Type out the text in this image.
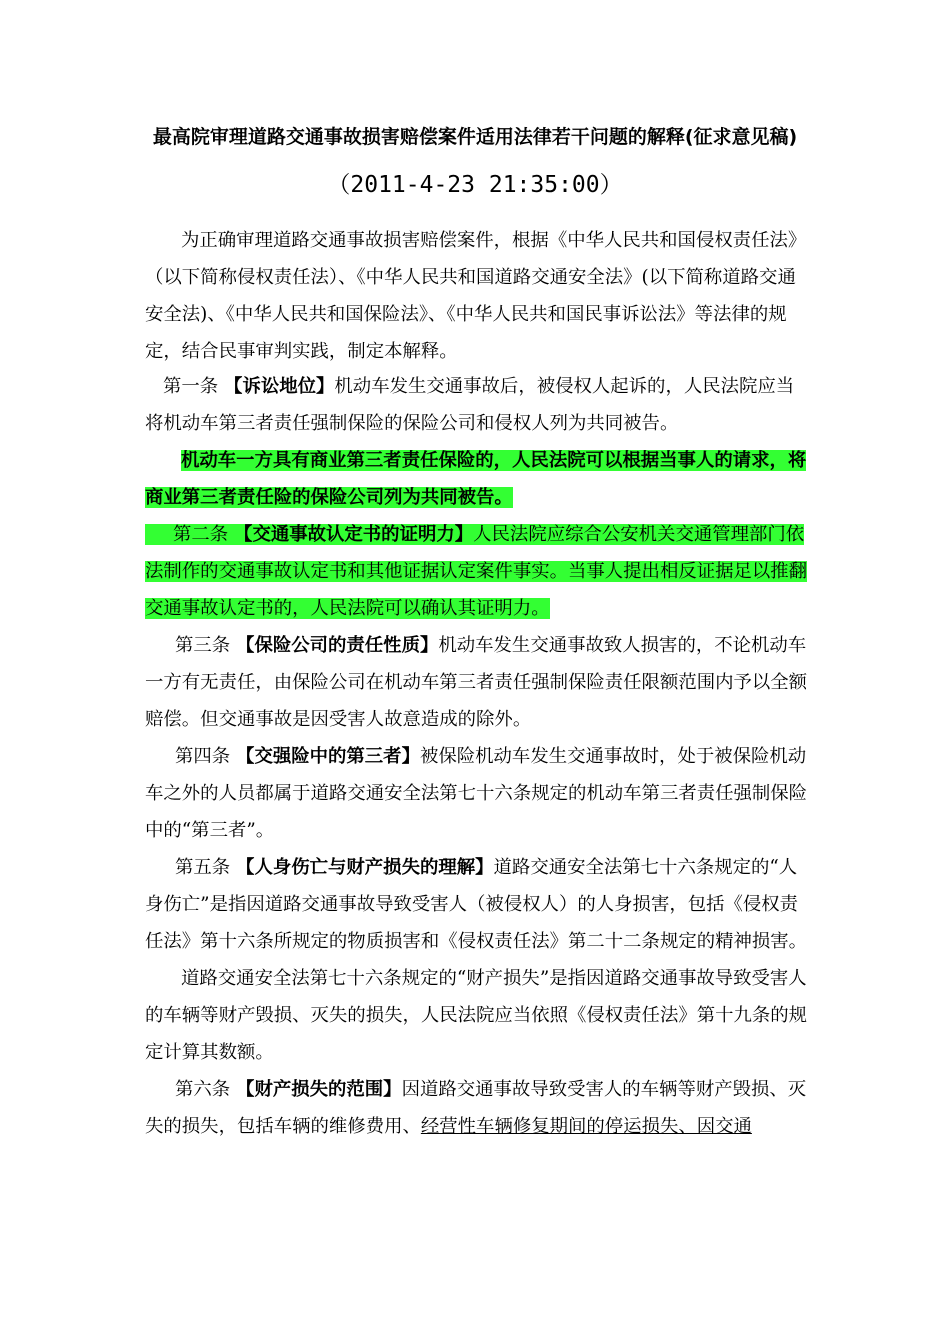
最高院审理道路交通事故损害赔偿案件适用法律若干问题的解释(征求意见稿)
（2011-4-23 21:35:00）

为正确审理道路交通事故损害赔偿案件，根据《中华人民共和国侵权责任法》（以下简称侵权责任法）、《中华人民共和国道路交通安全法》(以下简称道路交通安全法)、《中华人民共和国保险法》、《中华人民共和国民事诉讼法》等法律的规定，结合民事审判实践，制定本解释。

第一条 【诉讼地位】机动车发生交通事故后，被侵权人起诉的，人民法院应当将机动车第三者责任强制保险的保险公司和侵权人列为共同被告。

机动车一方具有商业第三者责任保险的，人民法院可以根据当事人的请求，将商业第三者责任险的保险公司列为共同被告。

第二条 【交通事故认定书的证明力】人民法院应综合公安机关交通管理部门依法制作的交通事故认定书和其他证据认定案件事实。当事人提出相反证据足以推翻交通事故认定书的，人民法院可以确认其证明力。

第三条 【保险公司的责任性质】机动车发生交通事故致人损害的，不论机动车一方有无责任，由保险公司在机动车第三者责任强制保险责任限额范围内予以全额赔偿。但交通事故是因受害人故意造成的除外。

第四条 【交强险中的第三者】被保险机动车发生交通事故时，处于被保险机动车之外的人员都属于道路交通安全法第七十六条规定的机动车第三者责任强制保险中的“第三者”。

第五条 【人身伤亡与财产损失的理解】道路交通安全法第七十六条规定的“人身伤亡”是指因道路交通事故导致受害人（被侵权人）的人身损害，包括《侵权责任法》第十六条所规定的物质损害和《侵权责任法》第二十二条规定的精神损害。

道路交通安全法第七十六条规定的“财产损失”是指因道路交通事故导致受害人的车辆等财产毁损、灭失的损失，人民法院应当依照《侵权责任法》第十九条的规定计算其数额。

第六条 【财产损失的范围】因道路交通事故导致受害人的车辆等财产毁损、灭失的损失，包括车辆的维修费用、经营性车辆修复期间的停运损失、因交通
